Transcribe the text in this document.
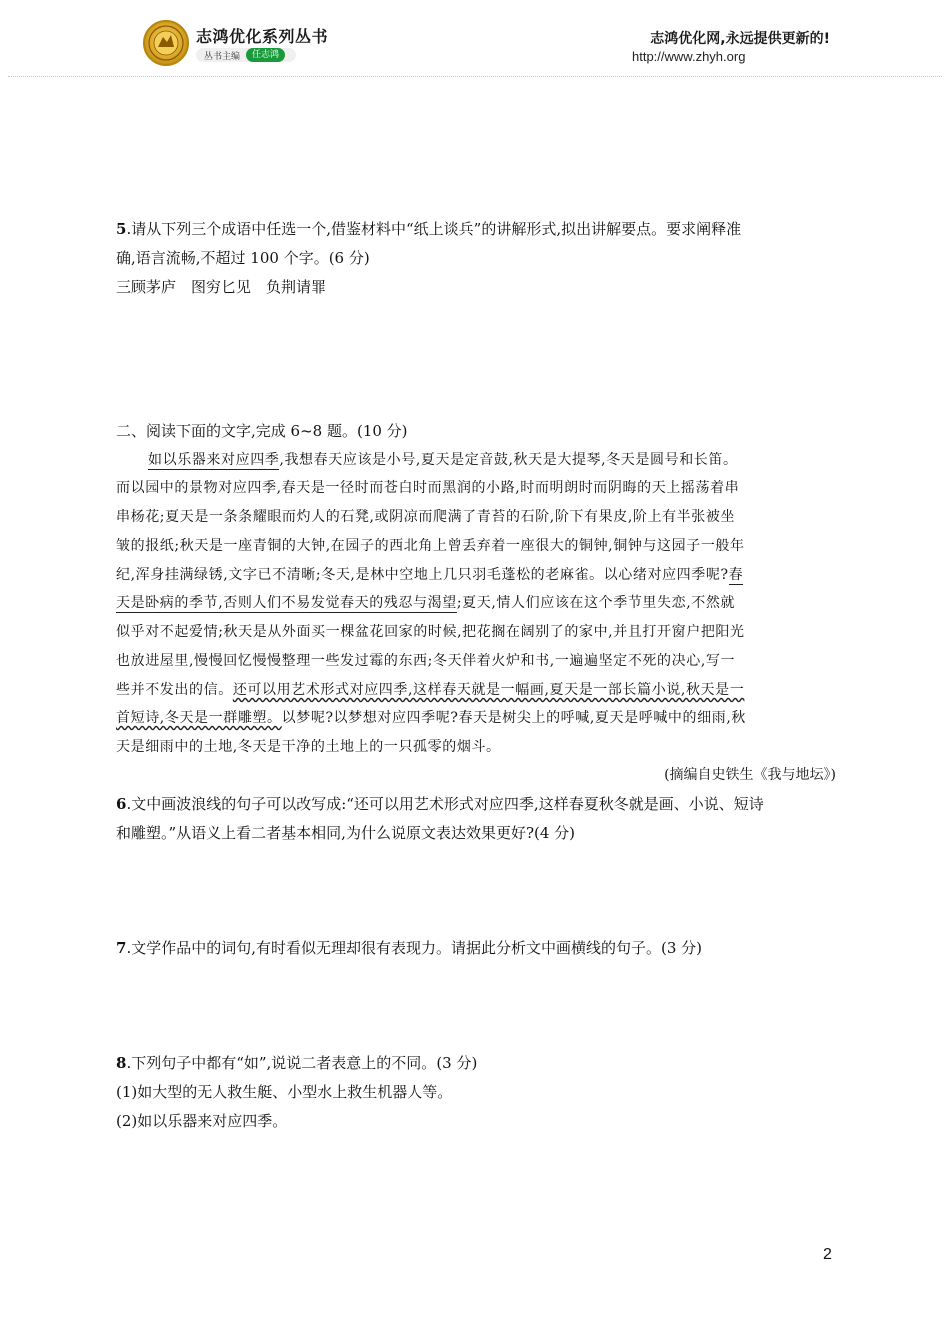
志鸿优化系列丛书
丛书主编	任志鸿
志鸿优化网,永远提供更新的!
http://www.zhyh.org
5.请从下列三个成语中任选一个,借鉴材料中“纸上谈兵”的讲解形式,拟出讲解要点。要求阐释准
确,语言流畅,不超过 100 个字。(6 分)
三顾茅庐　图穷匕见　负荆请罪
二、阅读下面的文字,完成 6~8 题。(10 分)
如以乐器来对应四季,我想春天应该是小号,夏天是定音鼓,秋天是大提琴,冬天是圆号和长笛。
而以园中的景物对应四季,春天是一径时而苍白时而黑润的小路,时而明朗时而阴晦的天上摇荡着串
串杨花;夏天是一条条耀眼而灼人的石凳,或阴凉而爬满了青苔的石阶,阶下有果皮,阶上有半张被坐
皱的报纸;秋天是一座青铜的大钟,在园子的西北角上曾丢弃着一座很大的铜钟,铜钟与这园子一般年
纪,浑身挂满绿锈,文字已不清晰;冬天,是林中空地上几只羽毛蓬松的老麻雀。以心绪对应四季呢?春
天是卧病的季节,否则人们不易发觉春天的残忍与渴望;夏天,情人们应该在这个季节里失恋,不然就
似乎对不起爱情;秋天是从外面买一棵盆花回家的时候,把花搁在阔别了的家中,并且打开窗户把阳光
也放进屋里,慢慢回忆慢慢整理一些发过霉的东西;冬天伴着火炉和书,一遍遍坚定不死的决心,写一
些并不发出的信。还可以用艺术形式对应四季,这样春天就是一幅画,夏天是一部长篇小说,秋天是一
首短诗,冬天是一群雕塑。以梦呢?以梦想对应四季呢?春天是树尖上的呼喊,夏天是呼喊中的细雨,秋
天是细雨中的土地,冬天是干净的土地上的一只孤零的烟斗。
(摘编自史铁生《我与地坛》)
6.文中画波浪线的句子可以改写成:“还可以用艺术形式对应四季,这样春夏秋冬就是画、小说、短诗
和雕塑。”从语义上看二者基本相同,为什么说原文表达效果更好?(4 分)
7.文学作品中的词句,有时看似无理却很有表现力。请据此分析文中画横线的句子。(3 分)
8.下列句子中都有“如”,说说二者表意上的不同。(3 分)
(1)如大型的无人救生艇、小型水上救生机器人等。
(2)如以乐器来对应四季。
2
